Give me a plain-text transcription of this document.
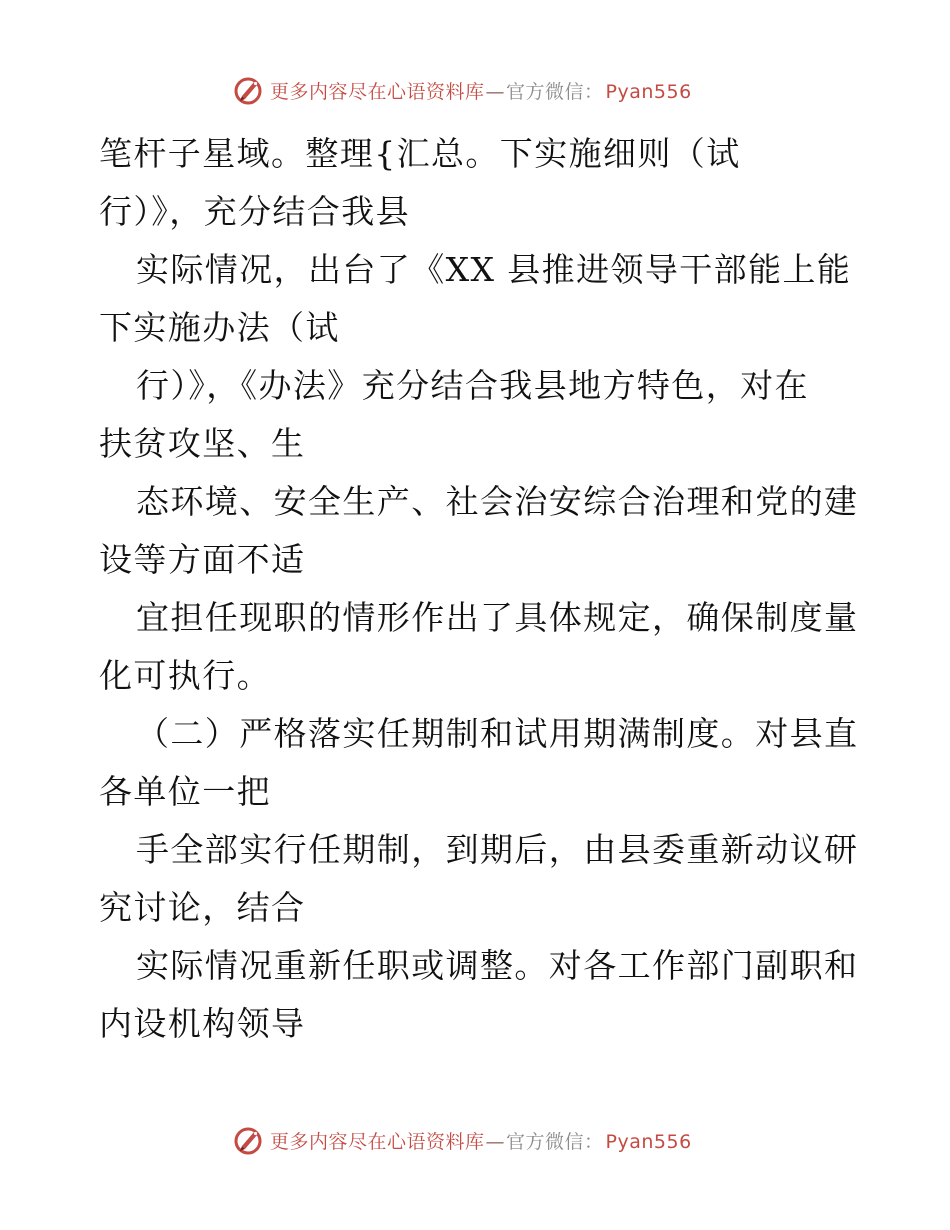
更多内容尽在心语资料库—官方微信： Pyan556
笔杆子星域。整理{汇总。下实施细则（试
行）》，充分结合我县
实际情况，出台了《XX 县推进领导干部能上能
下实施办法（试
行）》，《办法》充分结合我县地方特色，对在
扶贫攻坚、生
态环境、安全生产、社会治安综合治理和党的建
设等方面不适
宜担任现职的情形作出了具体规定，确保制度量
化可执行。
（二）严格落实任期制和试用期满制度。对县直
各单位一把
手全部实行任期制，到期后，由县委重新动议研
究讨论，结合
实际情况重新任职或调整。对各工作部门副职和
内设机构领导
更多内容尽在心语资料库—官方微信： Pyan556
